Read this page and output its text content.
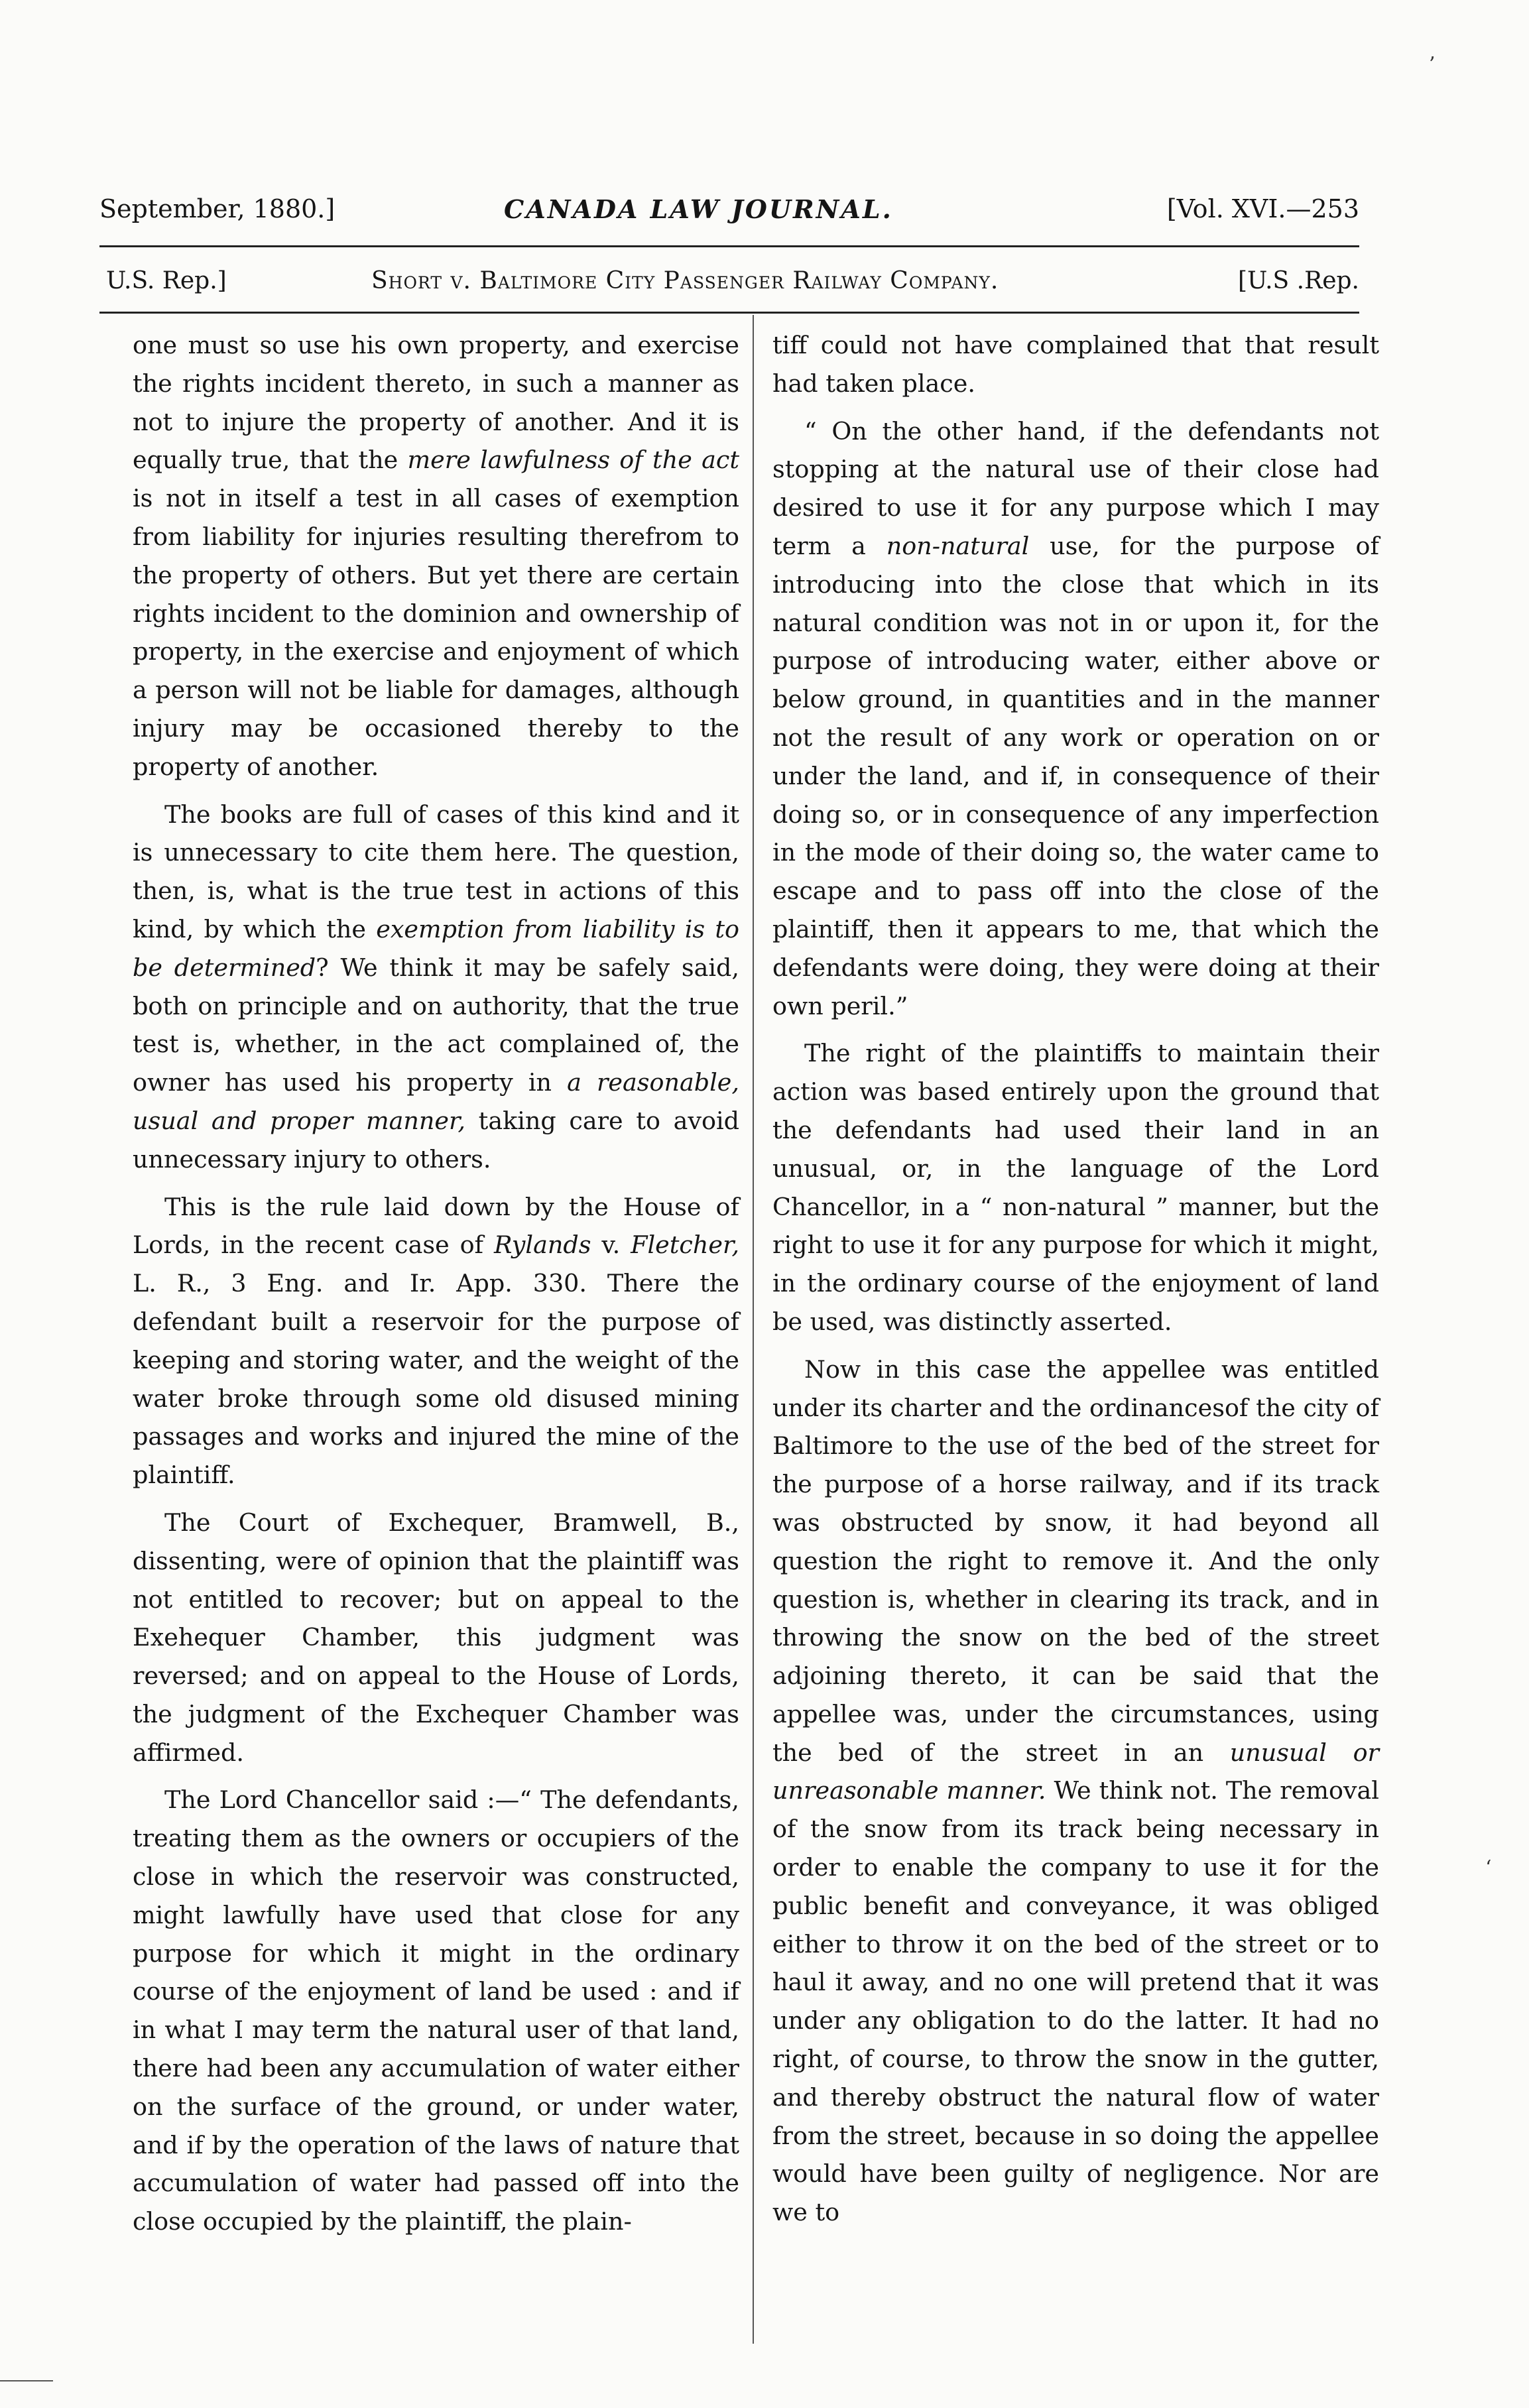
’
September, 1880.]	CANADA LAW JOURNAL.	[Vol. XVI.—253
U.S. Rep.]	Short v. Baltimore City Passenger Railway Company.	[U.S .Rep.

one must so use his own property, and exercise the rights incident thereto, in such a manner as not to injure the property of another. And it is equally true, that the mere lawfulness of the act is not in itself a test in all cases of exemption from liability for injuries resulting therefrom to the property of others. But yet there are certain rights incident to the dominion and ownership of property, in the exercise and enjoyment of which a person will not be liable for damages, although injury may be occasioned thereby to the property of another.

The books are full of cases of this kind and it is unnecessary to cite them here. The question, then, is, what is the true test in actions of this kind, by which the exemption from liability is to be determined? We think it may be safely said, both on principle and on authority, that the true test is, whether, in the act complained of, the owner has used his property in a reasonable, usual and proper manner, taking care to avoid unnecessary injury to others.

This is the rule laid down by the House of Lords, in the recent case of Rylands v. Fletcher, L. R., 3 Eng. and Ir. App. 330. There the defendant built a reservoir for the purpose of keeping and storing water, and the weight of the water broke through some old disused mining passages and works and injured the mine of the plaintiff.

The Court of Exchequer, Bramwell, B., dissenting, were of opinion that the plaintiff was not entitled to recover; but on appeal to the Exehequer Chamber, this judgment was reversed; and on appeal to the House of Lords, the judgment of the Exchequer Chamber was affirmed.

The Lord Chancellor said :—“ The defendants, treating them as the owners or occupiers of the close in which the reservoir was constructed, might lawfully have used that close for any purpose for which it might in the ordinary course of the enjoyment of land be used : and if in what I may term the natural user of that land, there had been any accumulation of water either on the surface of the ground, or under water, and if by the operation of the laws of nature that accumulation of water had passed off into the close occupied by the plaintiff, the plain-

tiff could not have complained that that result had taken place.

“ On the other hand, if the defendants not stopping at the natural use of their close had desired to use it for any purpose which I may term a non-natural use, for the purpose of introducing into the close that which in its natural condition was not in or upon it, for the purpose of introducing water, either above or below ground, in quantities and in the manner not the result of any work or operation on or under the land, and if, in consequence of their doing so, or in consequence of any imperfection in the mode of their doing so, the water came to escape and to pass off into the close of the plaintiff, then it appears to me, that which the defendants were doing, they were doing at their own peril.”

The right of the plaintiffs to maintain their action was based entirely upon the ground that the defendants had used their land in an unusual, or, in the language of the Lord Chancellor, in a “ non-natural ” manner, but the right to use it for any purpose for which it might, in the ordinary course of the enjoyment of land be used, was distinctly asserted.

Now in this case the appellee was entitled under its charter and the ordinancesof the city of Baltimore to the use of the bed of the street for the purpose of a horse railway, and if its track was obstructed by snow, it had beyond all question the right to remove it. And the only question is, whether in clearing its track, and in throwing the snow on the bed of the street adjoining thereto, it can be said that the appellee was, under the circumstances, using the bed of the street in an unusual or unreasonable manner. We think not. The removal of the snow from its track being necessary in order to enable the company to use it for the public benefit and conveyance, it was obliged either to throw it on the bed of the street or to haul it away, and no one will pretend that it was under any obligation to do the latter. It had no right, of course, to throw the snow in the gutter, and thereby obstruct the natural flow of water from the street, because in so doing the appellee would have been guilty of negligence. Nor are we to

‘
